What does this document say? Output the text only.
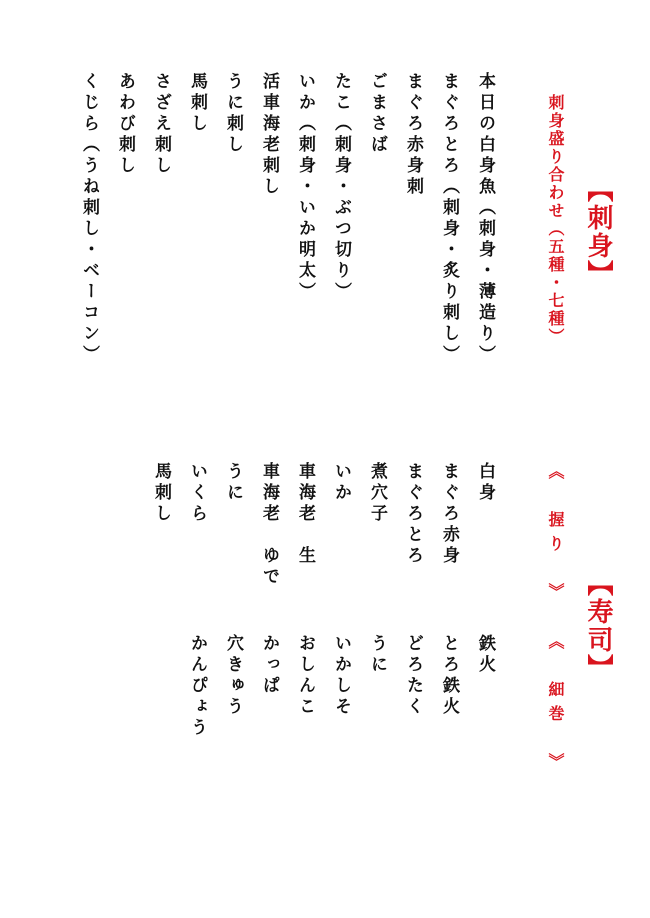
【刺身】
刺身盛り合わせ（五種・七種）
本日の白身魚（刺身・薄造り）
まぐろとろ（刺身・炙り刺し）
まぐろ赤身刺
ごまさば
たこ（刺身・ぶつ切り）
いか（刺身・いか明太）
活車海老刺し
うに刺し
馬刺し
さざえ刺し
あわび刺し
くじら（うね刺し・ベーコン）
【寿司】
《　握り　》
《　細巻　》
白身
まぐろ赤身
まぐろとろ
煮穴子
いか
車海老　生
車海老　ゆで
うに
いくら
馬刺し
鉄火
とろ鉄火
どろたく
うに
いかしそ
おしんこ
かっぱ
穴きゅう
かんぴょう
